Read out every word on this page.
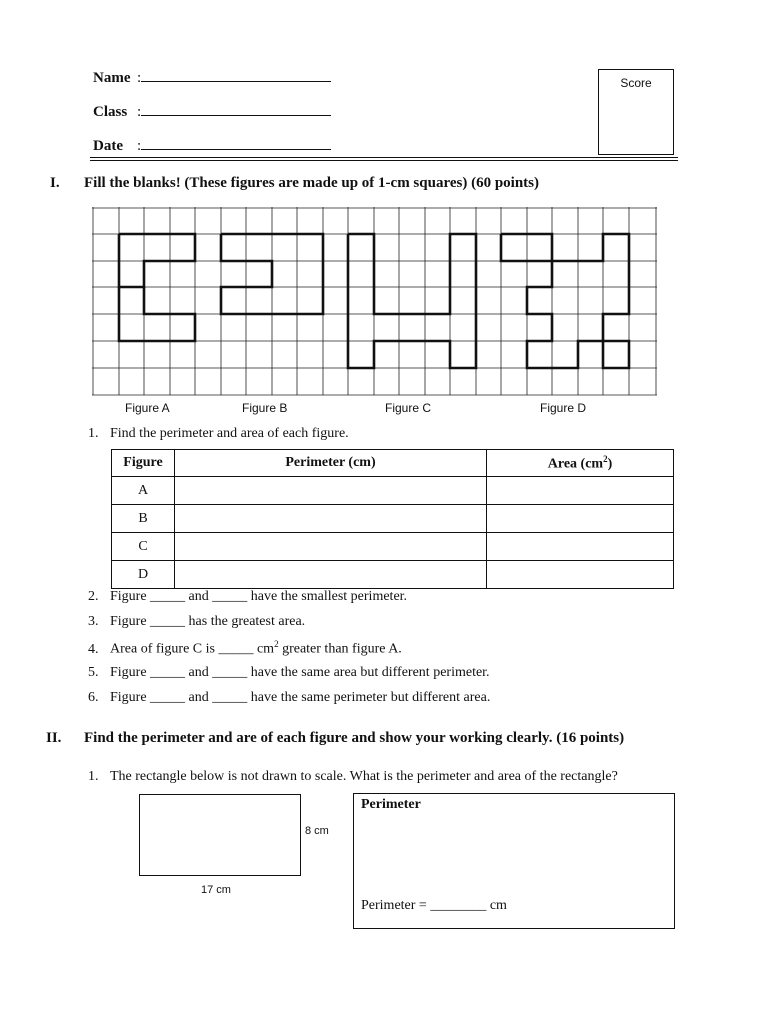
Name :
Class :
Date :
Score
I. Fill the blanks! (These figures are made up of 1-cm squares) (60 points)
Figure A	Figure B	Figure C	Figure D
1. Find the perimeter and area of each figure.
Figure	Perimeter (cm)	Area $(cm^2)$
A		
B		
C		
D		
2. Figure _____ and _____ have the smallest perimeter.
3. Figure _____ has the greatest area.
4. Area of figure C is _____ $cm^2$ greater than figure A.
5. Figure _____ and _____ have the same area but different perimeter.
6. Figure _____ and _____ have the same perimeter but different area.
II. Find the perimeter and are of each figure and show your working clearly. (16 points)
1. The rectangle below is not drawn to scale. What is the perimeter and area of the rectangle?
8 cm
17 cm
Perimeter
Perimeter = ________ cm
